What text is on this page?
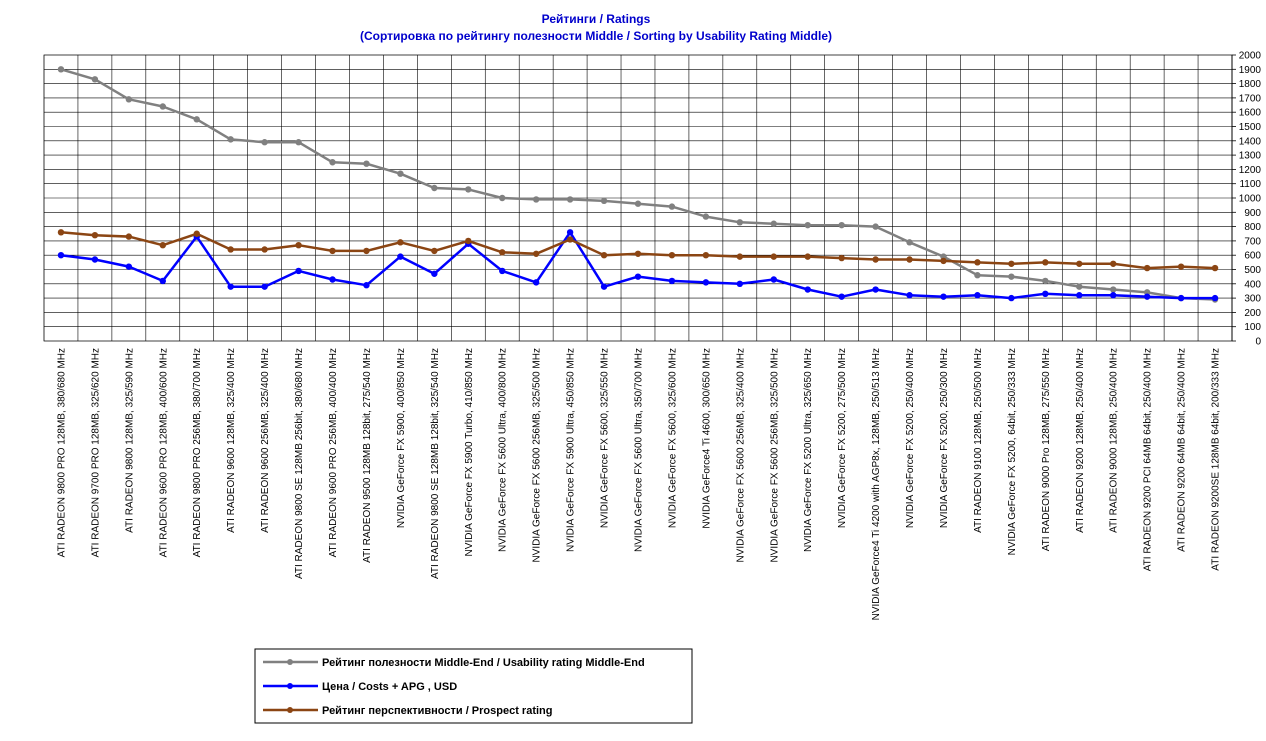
Рейтинги / Ratings
(Сортировка по рейтингу полезности Middle / Sorting by Usability Rating Middle)
0
100
200
300
400
500
600
700
800
900
1000
1100
1200
1300
1400
1500
1600
1700
1800
1900
2000
ATI RADEON 9800 PRO 128MB, 380/680 MHz ATI RADEON 9700 PRO 128MB, 325/620 MHz ATI RADEON 9800 128MB, 325/590 MHz ATI RADEON 9600 PRO 128MB, 400/600 MHz ATI RADEON 9800 PRO 256MB, 380/700 MHz ATI RADEON 9600 128MB, 325/400 MHz ATI RADEON 9600 256MB, 325/400 MHz ATI RADEON 9800 SE 128MB 256bit, 380/680 MHz ATI RADEON 9600 PRO 256MB, 400/400 MHz ATI RADEON 9500 128MB 128bit, 275/540 MHz NVIDIA GeForce FX 5900, 400/850 MHz ATI RADEON 9800 SE 128MB 128bit, 325/540 MHz NVIDIA GeForce FX 5900 Turbo, 410/850 MHz NVIDIA GeForce FX 5600 Ultra, 400/800 MHz NVIDIA GeForce FX 5600 256MB, 325/500 MHz NVIDIA GeForce FX 5900 Ultra, 450/850 MHz NVIDIA GeForce FX 5600, 325/550 MHz NVIDIA GeForce FX 5600 Ultra, 350/700 MHz NVIDIA GeForce FX 5600, 325/600 MHz NVIDIA GeForce4 Ti 4600, 300/650 MHz NVIDIA GeForce FX 5600 256MB, 325/400 MHz NVIDIA GeForce FX 5600 256MB, 325/500 MHz NVIDIA GeForce FX 5200 Ultra, 325/650 MHz NVIDIA GeForce FX 5200, 275/500 MHz NVIDIA GeForce4 Ti 4200 with AGP8x, 128MB, 250/513 MHz NVIDIA GeForce FX 5200, 250/400 MHz NVIDIA GeForce FX 5200, 250/300 MHz ATI RADEON 9100 128MB, 250/500 MHz NVIDIA GeForce FX 5200, 64bit, 250/333 MHz ATI RADEON 9000 Pro 128MB, 275/550 MHz ATI RADEON 9200 128MB, 250/400 MHz ATI RADEON 9000 128MB, 250/400 MHz ATI RADEON 9200 PCI 64MB 64bit, 250/400 MHz ATI RADEON 9200 64MB 64bit, 250/400 MHz ATI RADEON 9200SE 128MB 64bit, 200/333 MHz
Рейтинг полезности Middle-End / Usability rating Middle-End
Цена / Costs + APG , USD
Рейтинг перспективности / Prospect rating
